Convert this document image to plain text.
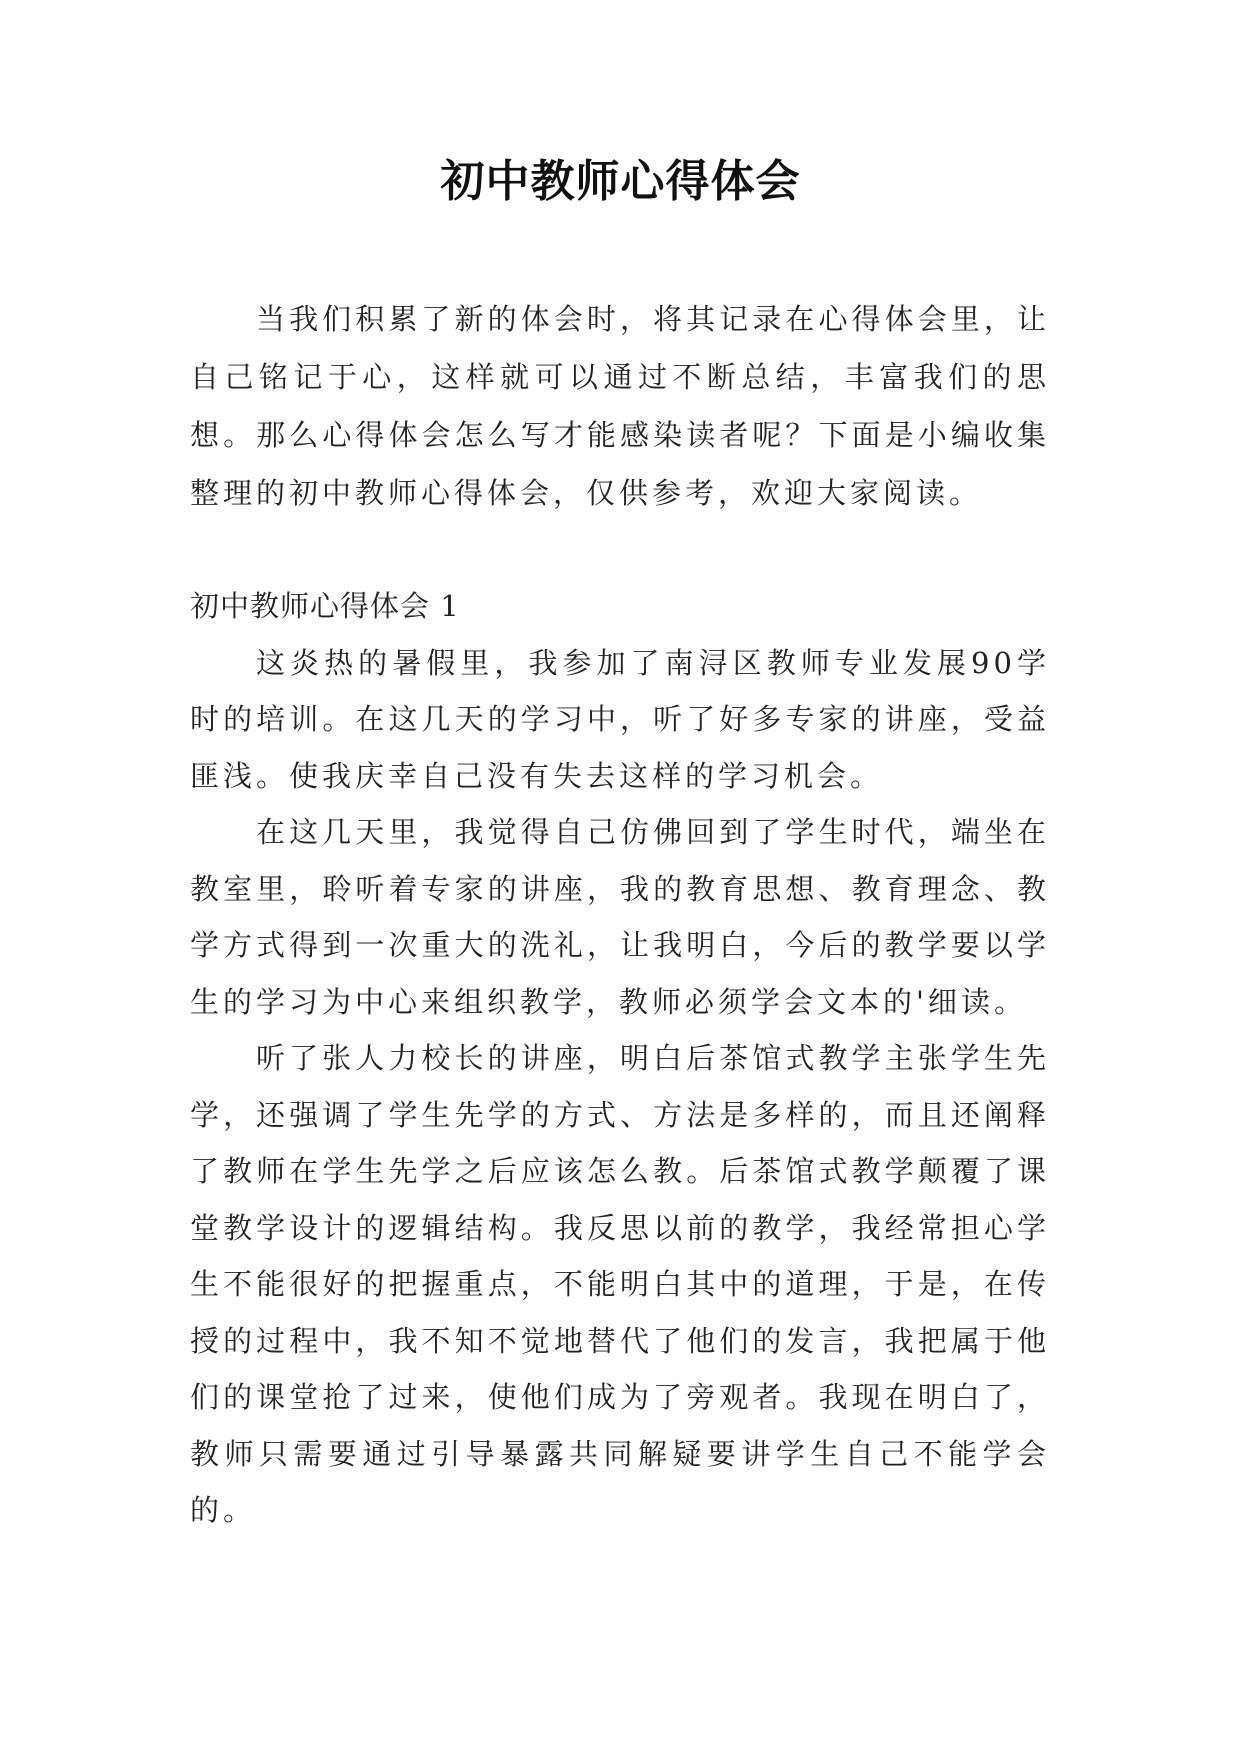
初中教师心得体会

当我们积累了新的体会时，将其记录在心得体会里，让自己铭记于心，这样就可以通过不断总结，丰富我们的思想。那么心得体会怎么写才能感染读者呢？下面是小编收集整理的初中教师心得体会，仅供参考，欢迎大家阅读。

初中教师心得体会 1

这炎热的暑假里，我参加了南浔区教师专业发展90学时的培训。在这几天的学习中，听了好多专家的讲座，受益匪浅。使我庆幸自己没有失去这样的学习机会。

在这几天里，我觉得自己仿佛回到了学生时代，端坐在教室里，聆听着专家的讲座，我的教育思想、教育理念、教学方式得到一次重大的洗礼，让我明白，今后的教学要以学生的学习为中心来组织教学，教师必须学会文本的'细读。

听了张人力校长的讲座，明白后茶馆式教学主张学生先学，还强调了学生先学的方式、方法是多样的，而且还阐释了教师在学生先学之后应该怎么教。后茶馆式教学颠覆了课堂教学设计的逻辑结构。我反思以前的教学，我经常担心学生不能很好的把握重点，不能明白其中的道理，于是，在传授的过程中，我不知不觉地替代了他们的发言，我把属于他们的课堂抢了过来，使他们成为了旁观者。我现在明白了，教师只需要通过引导暴露共同解疑要讲学生自己不能学会的。
